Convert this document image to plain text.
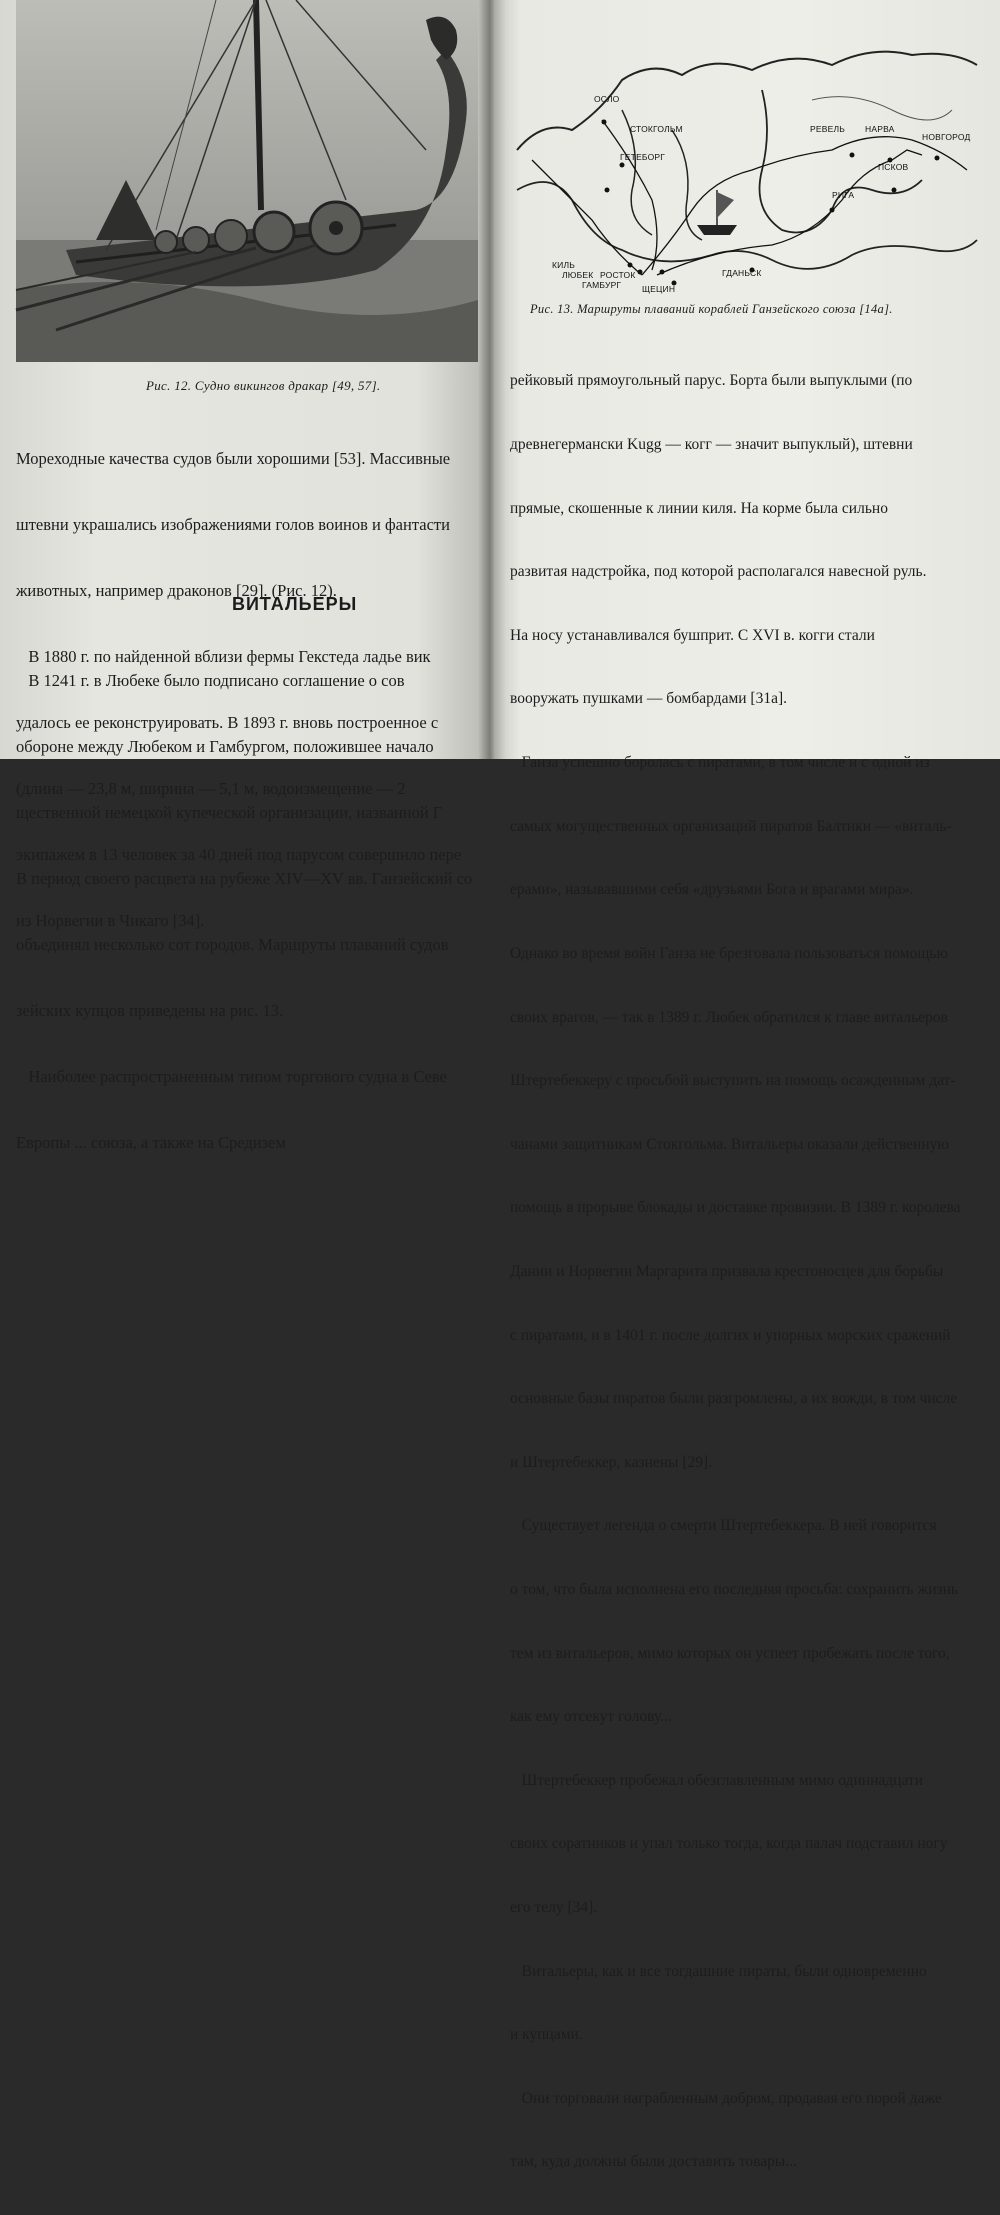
Рис. 12. Судно викингов дракар [49, 57].

Мореходные качества судов были хорошими [53]. Массивные

штевни украшались изображениями голов воинов и фантасти

животных, например драконов [29]. (Рис. 12).

В 1880 г. по найденной вблизи фермы Гекстеда ладье вик

удалось ее реконструировать. В 1893 г. вновь построенное с

(длина — 23,8 м, ширина — 5,1 м, водоизмещение — 2

экипажем в 13 человек за 40 дней под парусом совершило пере

из Норвегии в Чикаго [34].

ВИТАЛЬЕРЫ

В 1241 г. в Любеке было подписано соглашение о сов

обороне между Любеком и Гамбургом, положившее начало

щественной немецкой купеческой организации, названной Г

В период своего расцвета на рубеже XIV—XV вв. Ганзейский со

объединял несколько сот городов. Маршруты плаваний судов

зейских купцов приведены на рис. 13.

Наиболее распространенным типом торгового судна в Севе

Европы ... союза, а также на Средизем

ОСЛО
СТОКГОЛЬМ
ГЕТЕБОРГ
РЕВЕЛЬ НАРВА
НОВГОРОД
ПСКОВ
РИГА
КИЛЬ
ЛЮБЕК РОСТОК
ГАМБУРГ
ГДАНЬСК
ЩЕЦИН
Рис. 13. Маршруты плаваний кораблей Ганзейского союза [14а].

рейковый прямоугольный парус. Борта были выпуклыми (по

древнегермански Kugg — когг — значит выпуклый), штевни

прямые, скошенные к линии киля. На корме была сильно

развитая надстройка, под которой располагался навесной руль.

На носу устанавливался бушприт. С XVI в. когги стали

вооружать пушками — бомбардами [31а].

Ганза успешно боролась с пиратами, в том числе и с одной из

самых могущественных организаций пиратов Балтики — «виталь-

ерами», называвшими себя «друзьями Бога и врагами мира».

Однако во время войн Ганза не брезговала пользоваться помощью

своих врагов, — так в 1389 г. Любек обратился к главе витальеров

Штертебеккеру с просьбой выступить на помощь осажденным дат-

чанами защитникам Стокгольма. Витальеры оказали действенную

помощь в прорыве блокады и доставке провизии. В 1389 г. королева

Дании и Норвегии Маргарита призвала крестоносцев для борьбы

с пиратами, и в 1401 г. после долгих и упорных морских сражений

основные базы пиратов были разгромлены, а их вожди, в том числе

и Штертебеккер, казнены [29].

Существует легенда о смерти Штертебеккера. В ней говорится

о том, что была исполнена его последняя просьба: сохранить жизнь

тем из витальеров, мимо которых он успеет пробежать после того,

как ему отсекут голову...

Штертебеккер пробежал обезглавленным мимо одиннадцати

своих соратников и упал только тогда, когда палач подставил ногу

его телу [34].

Витальеры, как и все тогдашние пираты, были одновременно

и купцами.

Они торговали награбленным добром, продавая его порой даже

там, куда должны были доставить товары...
